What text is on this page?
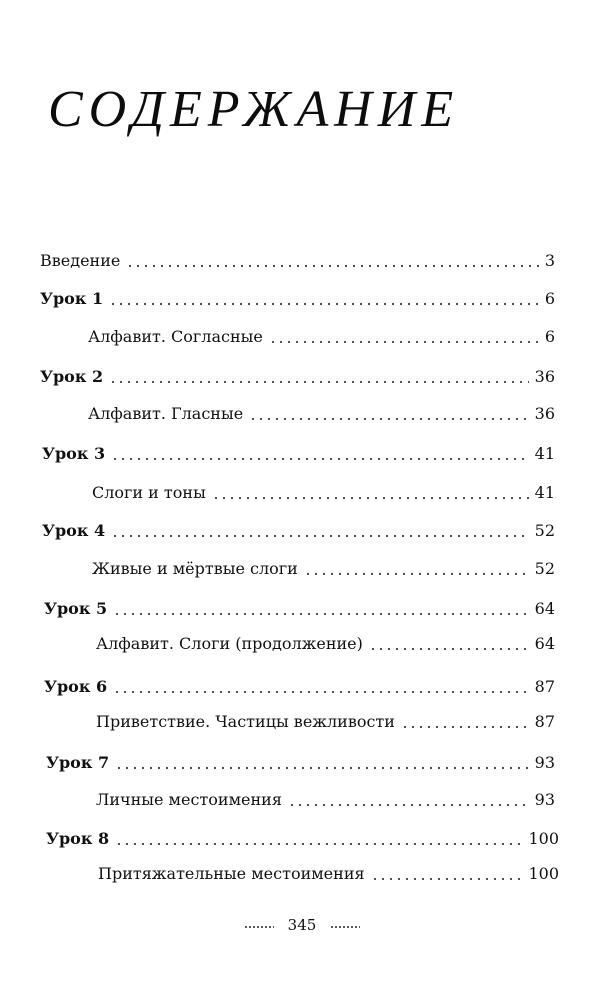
СОДЕРЖАНИЕ
Введение	3
Урок 1	6
Алфавит. Согласные	6
Урок 2	36
Алфавит. Гласные	36
Урок 3	41
Слоги и тоны	41
Урок 4	52
Живые и мёртвые слоги	52
Урок 5	64
Алфавит. Слоги (продолжение)	64
Урок 6	87
Приветствие. Частицы вежливости	87
Урок 7	93
Личные местоимения	93
Урок 8	100
Притяжательные местоимения	100
345
